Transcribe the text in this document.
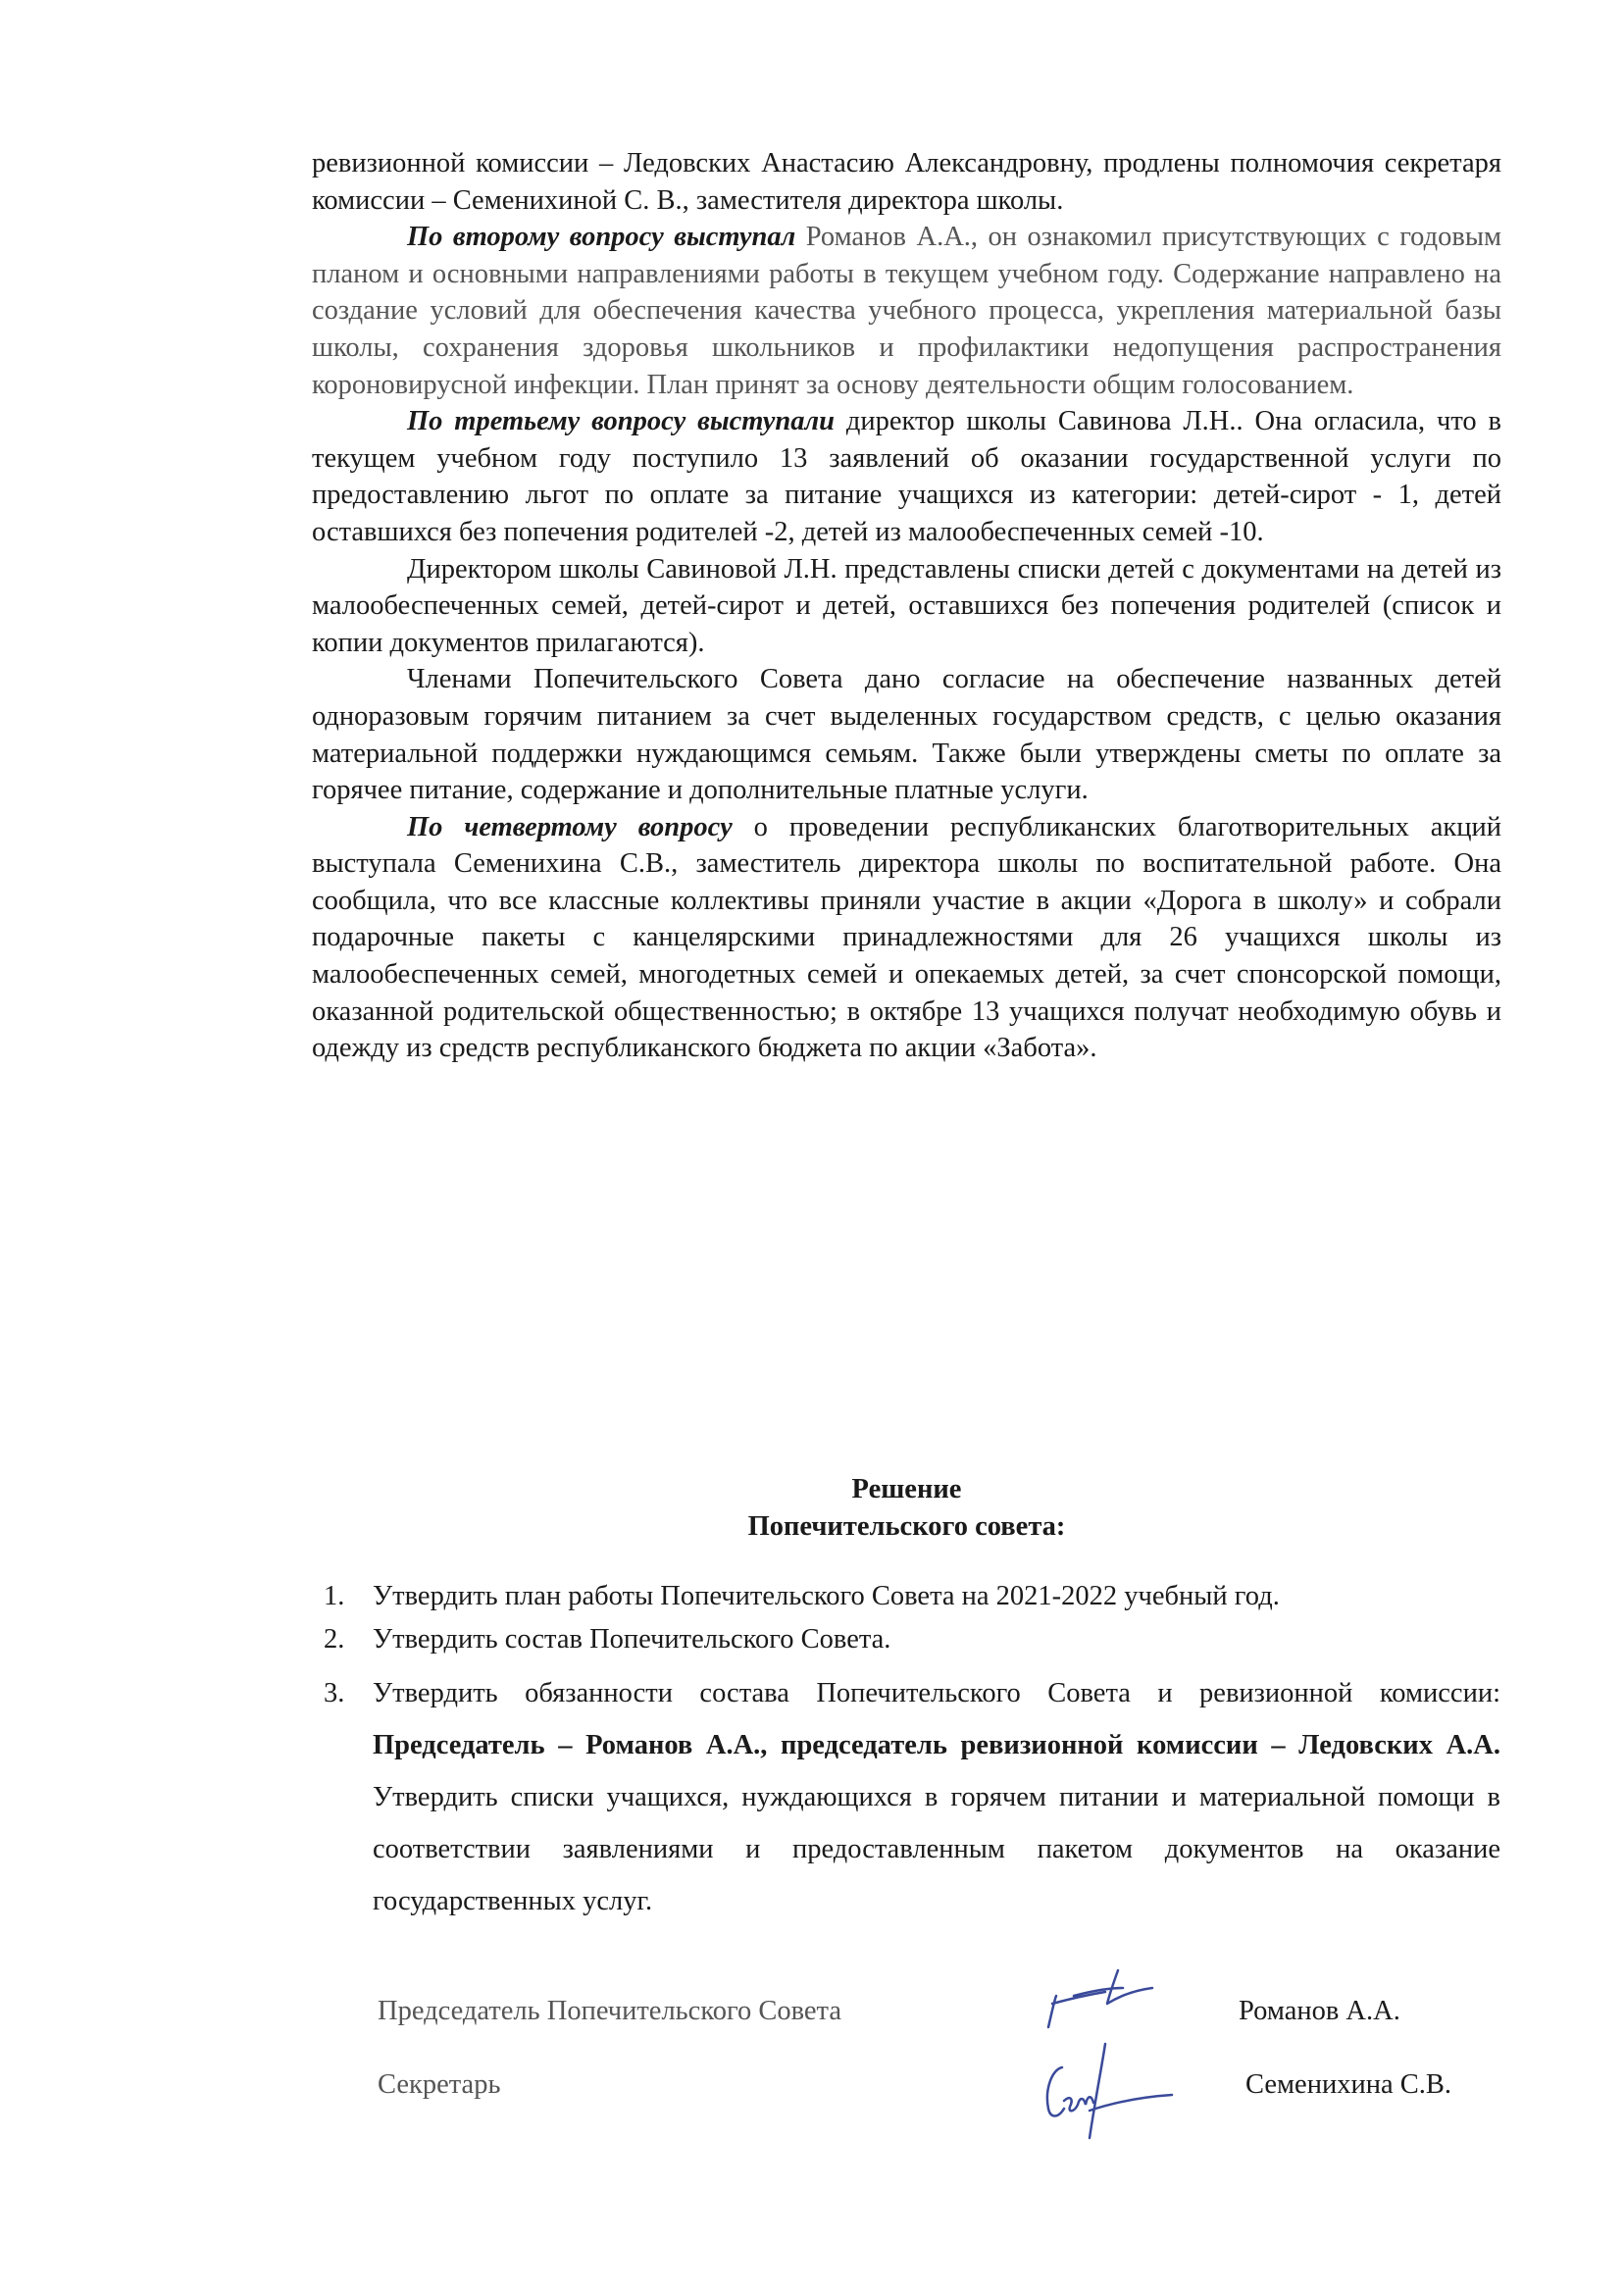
ревизионной комиссии – Ледовских Анастасию Александровну, продлены полномочия секретаря комиссии – Семенихиной С. В., заместителя директора школы.

По второму вопросу выступал Романов А.А., он ознакомил присутствующих с годовым планом и основными направлениями работы в текущем учебном году. Содержание направлено на создание условий для обеспечения качества учебного процесса, укрепления материальной базы школы, сохранения здоровья школьников и профилактики недопущения распространения короновирусной инфекции. План принят за основу деятельности общим голосованием.

По третьему вопросу выступали директор школы Савинова Л.Н.. Она огласила, что в текущем учебном году поступило 13 заявлений об оказании государственной услуги по предоставлению льгот по оплате за питание учащихся из категории: детей-сирот - 1, детей оставшихся без попечения родителей -2, детей из малообеспеченных семей -10.

Директором школы Савиновой Л.Н. представлены списки детей с документами на детей из малообеспеченных семей, детей-сирот и детей, оставшихся без попечения родителей (список и копии документов прилагаются).

Членами Попечительского Совета дано согласие на обеспечение названных детей одноразовым горячим питанием за счет выделенных государством средств, с целью оказания материальной поддержки нуждающимся семьям. Также были утверждены сметы по оплате за горячее питание, содержание и дополнительные платные услуги.

По четвертому вопросу о проведении республиканских благотворительных акций выступала Семенихина С.В., заместитель директора школы по воспитательной работе. Она сообщила, что все классные коллективы приняли участие в акции «Дорога в школу» и собрали подарочные пакеты с канцелярскими принадлежностями для 26 учащихся школы из малообеспеченных семей, многодетных семей и опекаемых детей, за счет спонсорской помощи, оказанной родительской общественностью; в октябре 13 учащихся получат необходимую обувь и одежду из средств республиканского бюджета по акции «Забота».

Решение
Попечительского совета:
1. Утвердить план работы Попечительского Совета на 2021-2022 учебный год.
2. Утвердить состав Попечительского Совета.
3. Утвердить обязанности состава Попечительского Совета и ревизионной комиссии: Председатель – Романов А.А., председатель ревизионной комиссии – Ледовских А.А. Утвердить списки учащихся, нуждающихся в горячем питании и материальной помощи в соответствии заявлениями и предоставленным пакетом документов на оказание государственных услуг.
Председатель Попечительского Совета	Романов А.А.
Секретарь	Семенихина С.В.
